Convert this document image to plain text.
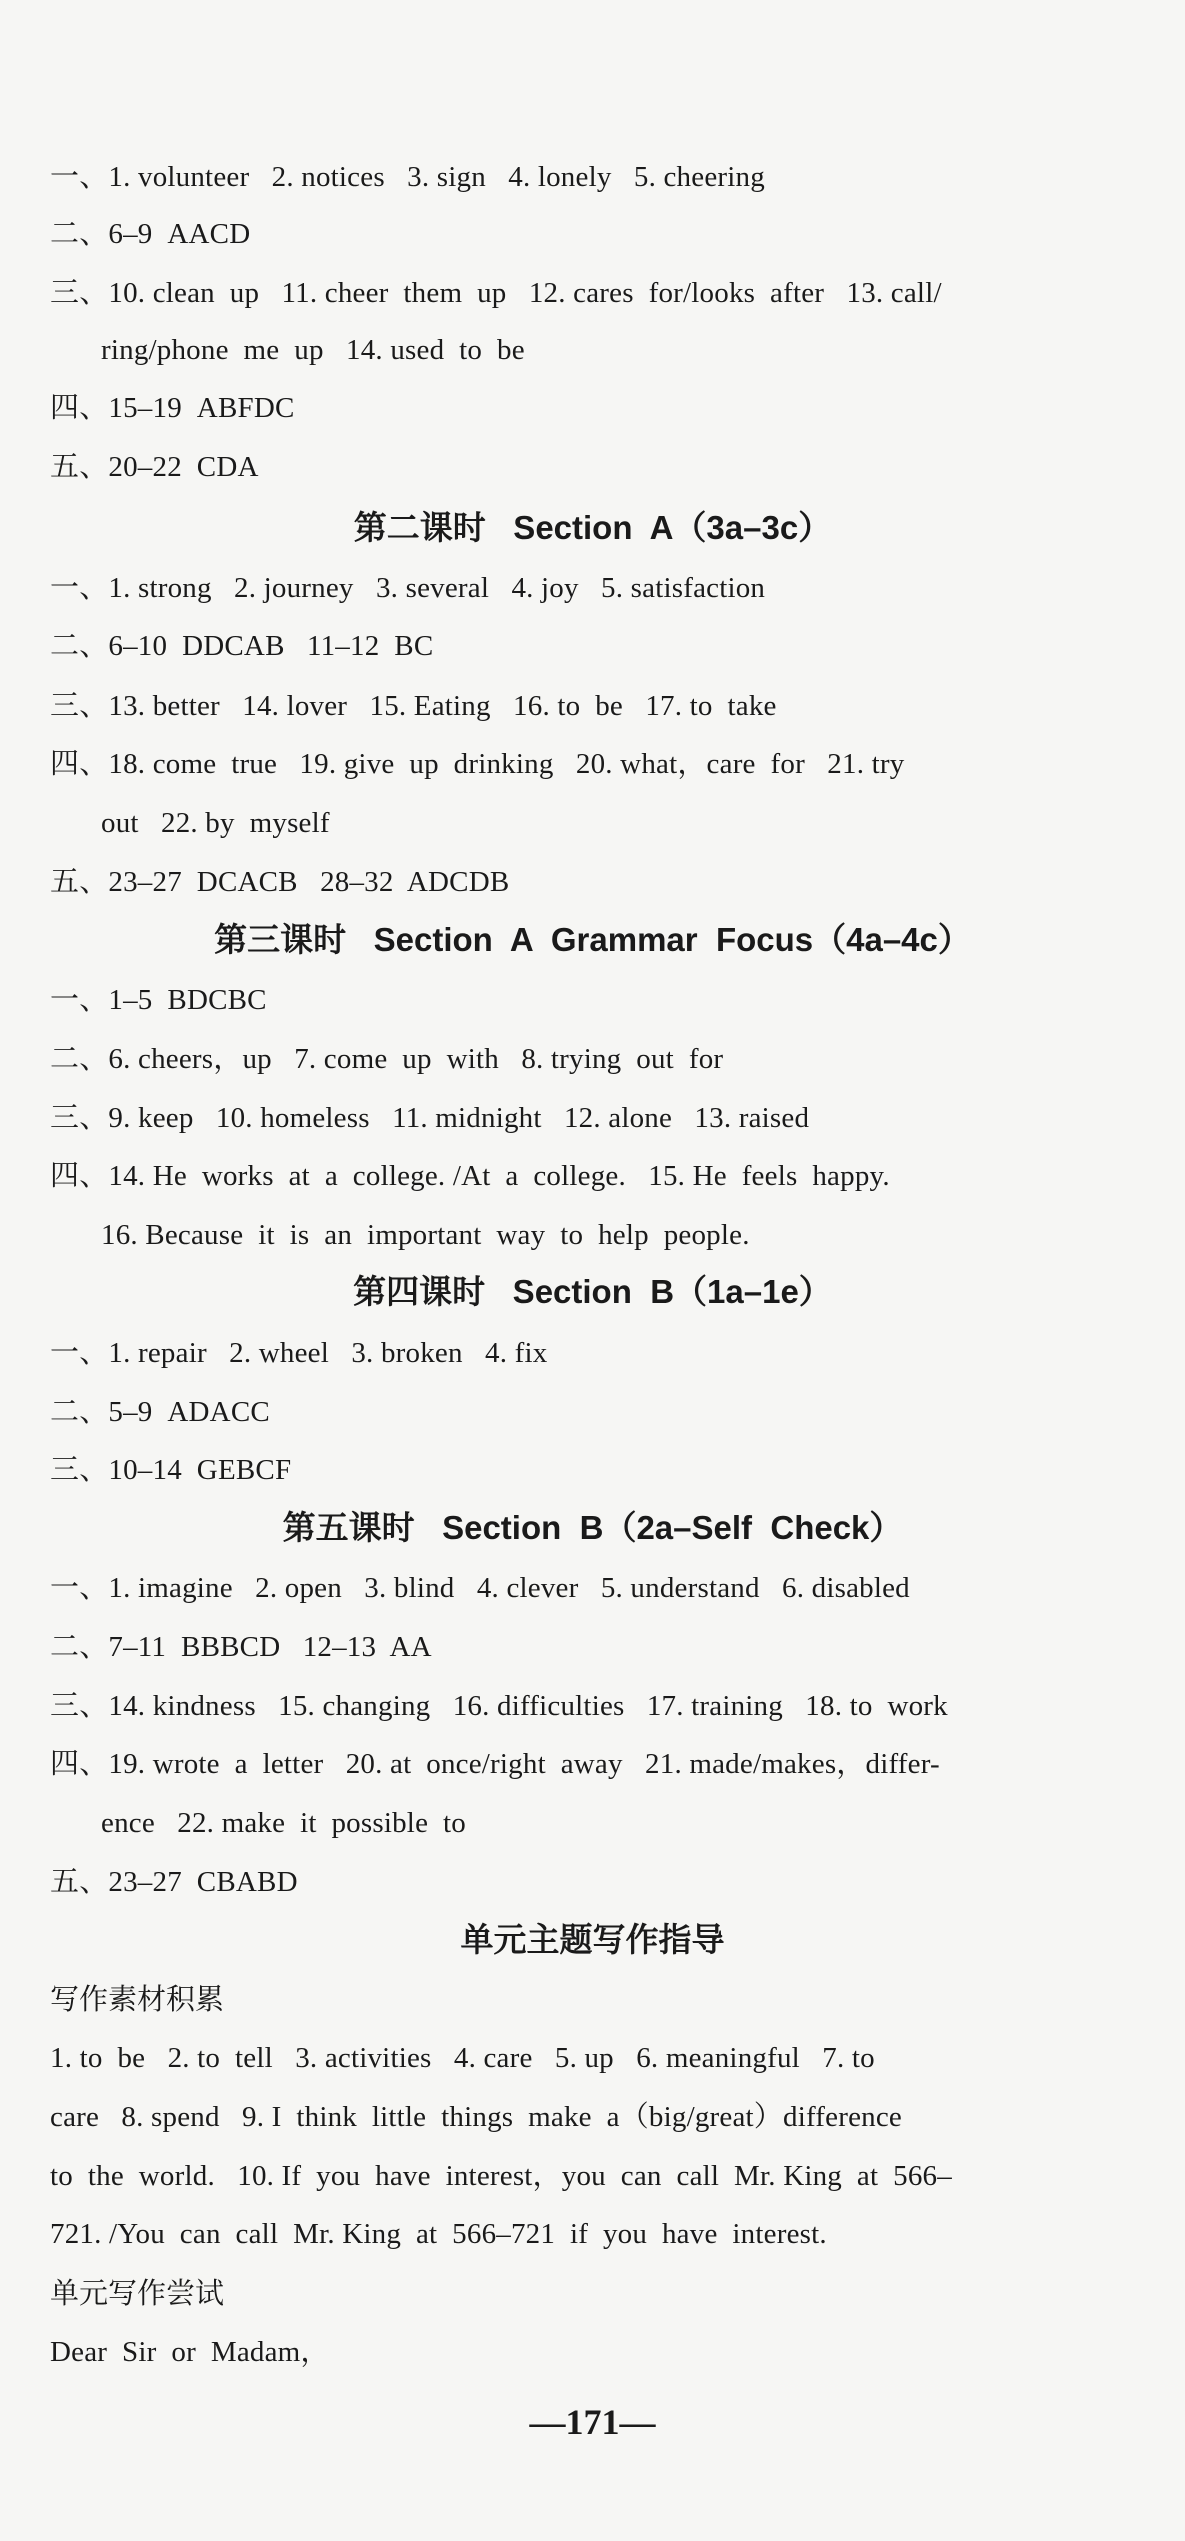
一、1. volunteer   2. notices   3. sign   4. lonely   5. cheering
二、6–9  AACD
三、10. clean  up   11. cheer  them  up   12. cares  for/looks  after   13. call/
ring/phone  me  up   14. used  to  be
四、15–19  ABFDC
五、20–22  CDA
第二课时   Section  A（3a–3c）
一、1. strong   2. journey   3. several   4. joy   5. satisfaction
二、6–10  DDCAB   11–12  BC
三、13. better   14. lover   15. Eating   16. to  be   17. to  take
四、18. come  true   19. give  up  drinking   20. what，care  for   21. try
out   22. by  myself
五、23–27  DCACB   28–32  ADCDB
第三课时   Section  A  Grammar  Focus（4a–4c）
一、1–5  BDCBC
二、6. cheers，up   7. come  up  with   8. trying  out  for
三、9. keep   10. homeless   11. midnight   12. alone   13. raised
四、14. He  works  at  a  college. /At  a  college.   15. He  feels  happy.
16. Because  it  is  an  important  way  to  help  people.
第四课时   Section  B（1a–1e）
一、1. repair   2. wheel   3. broken   4. fix
二、5–9  ADACC
三、10–14  GEBCF
第五课时   Section  B（2a–Self  Check）
一、1. imagine   2. open   3. blind   4. clever   5. understand   6. disabled
二、7–11  BBBCD   12–13  AA
三、14. kindness   15. changing   16. difficulties   17. training   18. to  work
四、19. wrote  a  letter   20. at  once/right  away   21. made/makes，differ-
ence   22. make  it  possible  to
五、23–27  CBABD
单元主题写作指导
写作素材积累
1. to  be   2. to  tell   3. activities   4. care   5. up   6. meaningful   7. to
care   8. spend   9. I  think  little  things  make  a（big/great）difference
to  the  world.   10. If  you  have  interest，you  can  call  Mr. King  at  566–
721. /You  can  call  Mr. King  at  566–721  if  you  have  interest.
单元写作尝试
Dear  Sir  or  Madam，
—171—
